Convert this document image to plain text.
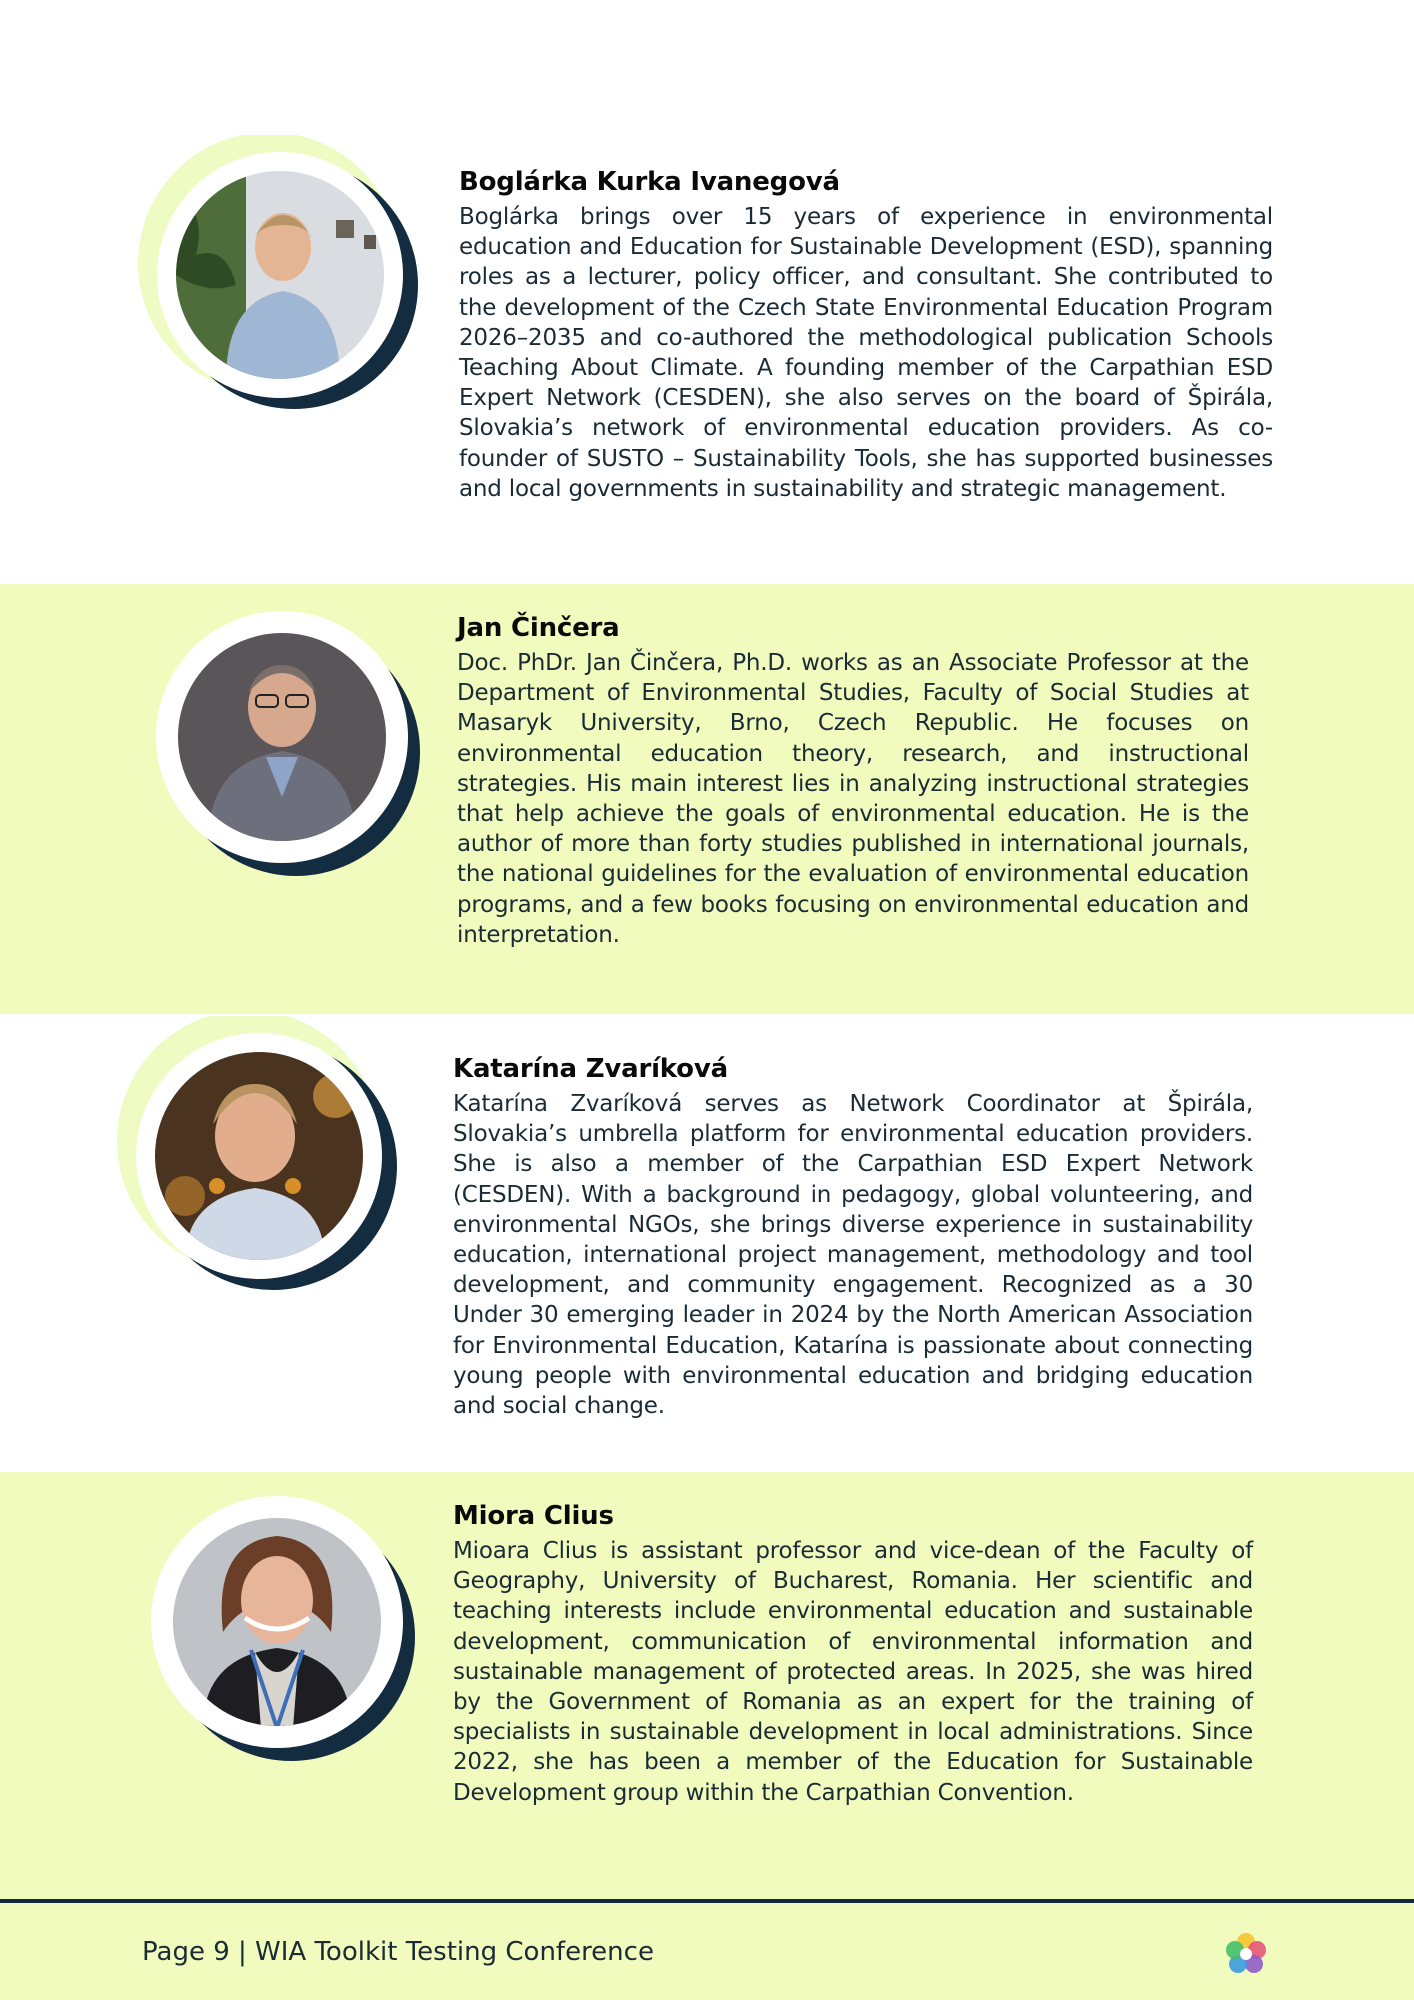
Boglárka Kurka Ivanegová

Boglárka brings over 15 years of experience in environmental education and Education for Sustainable Development (ESD), spanning roles as a lecturer, policy officer, and consultant. She contributed to the development of the Czech State Environmental Education Program 2026–2035 and co-authored the methodological publication Schools Teaching About Climate. A founding member of the Carpathian ESD Expert Network (CESDEN), she also serves on the board of Špirála, Slovakia’s network of environmental education providers. As co-founder of SUSTO – Sustainability Tools, she has supported businesses and local governments in sustainability and strategic management.

Jan Činčera

Doc. PhDr. Jan Činčera, Ph.D. works as an Associate Professor at the Department of Environmental Studies, Faculty of Social Studies at Masaryk University, Brno, Czech Republic. He focuses on environmental education theory, research, and instructional strategies. His main interest lies in analyzing instructional strategies that help achieve the goals of environmental education. He is the author of more than forty studies published in international journals, the national guidelines for the evaluation of environmental education programs, and a few books focusing on environmental education and interpretation.

Katarína Zvaríková

Katarína Zvaríková serves as Network Coordinator at Špirála, Slovakia’s umbrella platform for environmental education providers. She is also a member of the Carpathian ESD Expert Network (CESDEN). With a background in pedagogy, global volunteering, and environmental NGOs, she brings diverse experience in sustainability education, international project management, methodology and tool development, and community engagement. Recognized as a 30 Under 30 emerging leader in 2024 by the North American Association for Environmental Education, Katarína is passionate about connecting young people with environmental education and bridging education and social change.

Miora Clius

Mioara Clius is assistant professor and vice-dean of the Faculty of Geography, University of Bucharest, Romania. Her scientific and teaching interests include environmental education and sustainable development, communication of environmental information and sustainable management of protected areas. In 2025, she was hired by the Government of Romania as an expert for the training of specialists in sustainable development in local administrations. Since 2022, she has been a member of the Education for Sustainable Development group within the Carpathian Convention.

Page 9 | WIA Toolkit Testing Conference
